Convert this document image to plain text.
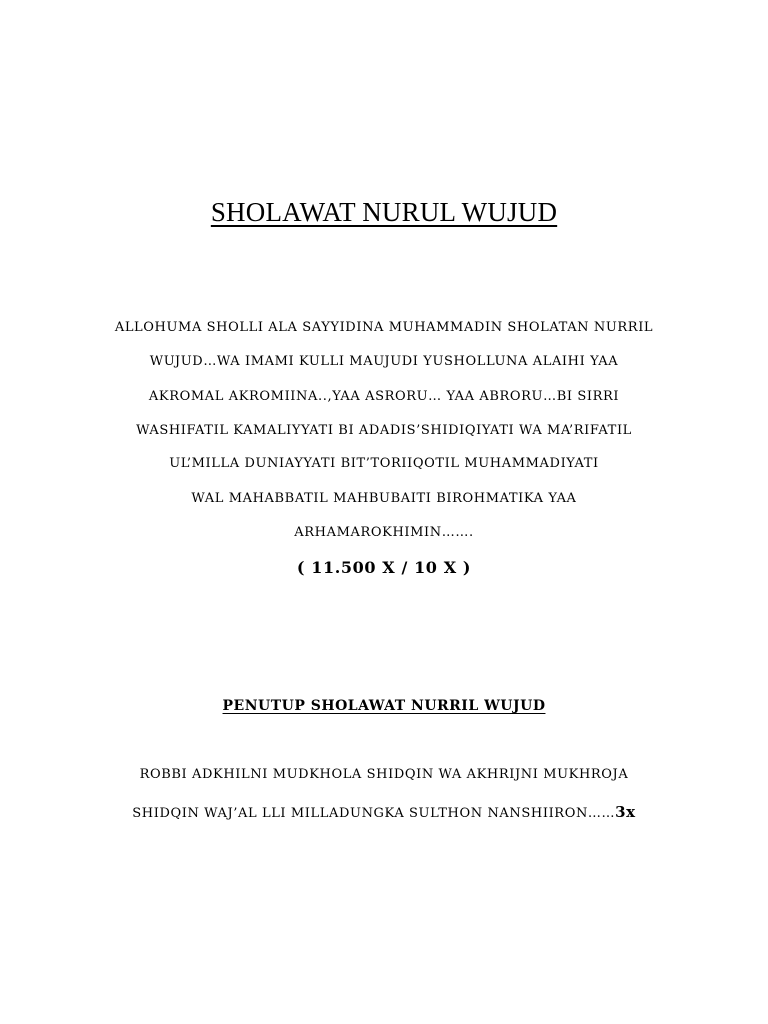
SHOLAWAT NURUL WUJUD
ALLOHUMA SHOLLI ALA SAYYIDINA MUHAMMADIN SHOLATAN NURRIL
WUJUD…WA IMAMI KULLI MAUJUDI YUSHOLLUNA ALAIHI YAA
AKROMAL AKROMIINA..,YAA ASRORU… YAA ABRORU…BI SIRRI
WASHIFATIL KAMALIYYATI BI ADADIS’SHIDIQIYATI WA MA’RIFATIL
UL’MILLA DUNIAYYATI BIT’TORIIQOTIL MUHAMMADIYATI
WAL MAHABBATIL MAHBUBAITI BIROHMATIKA YAA
ARHAMAROKHIMIN…….
( 11.500 X / 10 X )
PENUTUP SHOLAWAT NURRIL WUJUD
ROBBI ADKHILNI MUDKHOLA SHIDQIN WA AKHRIJNI MUKHROJA
SHIDQIN WAJ’AL LLI MILLADUNGKA SULTHON NANSHIIRON……3x
